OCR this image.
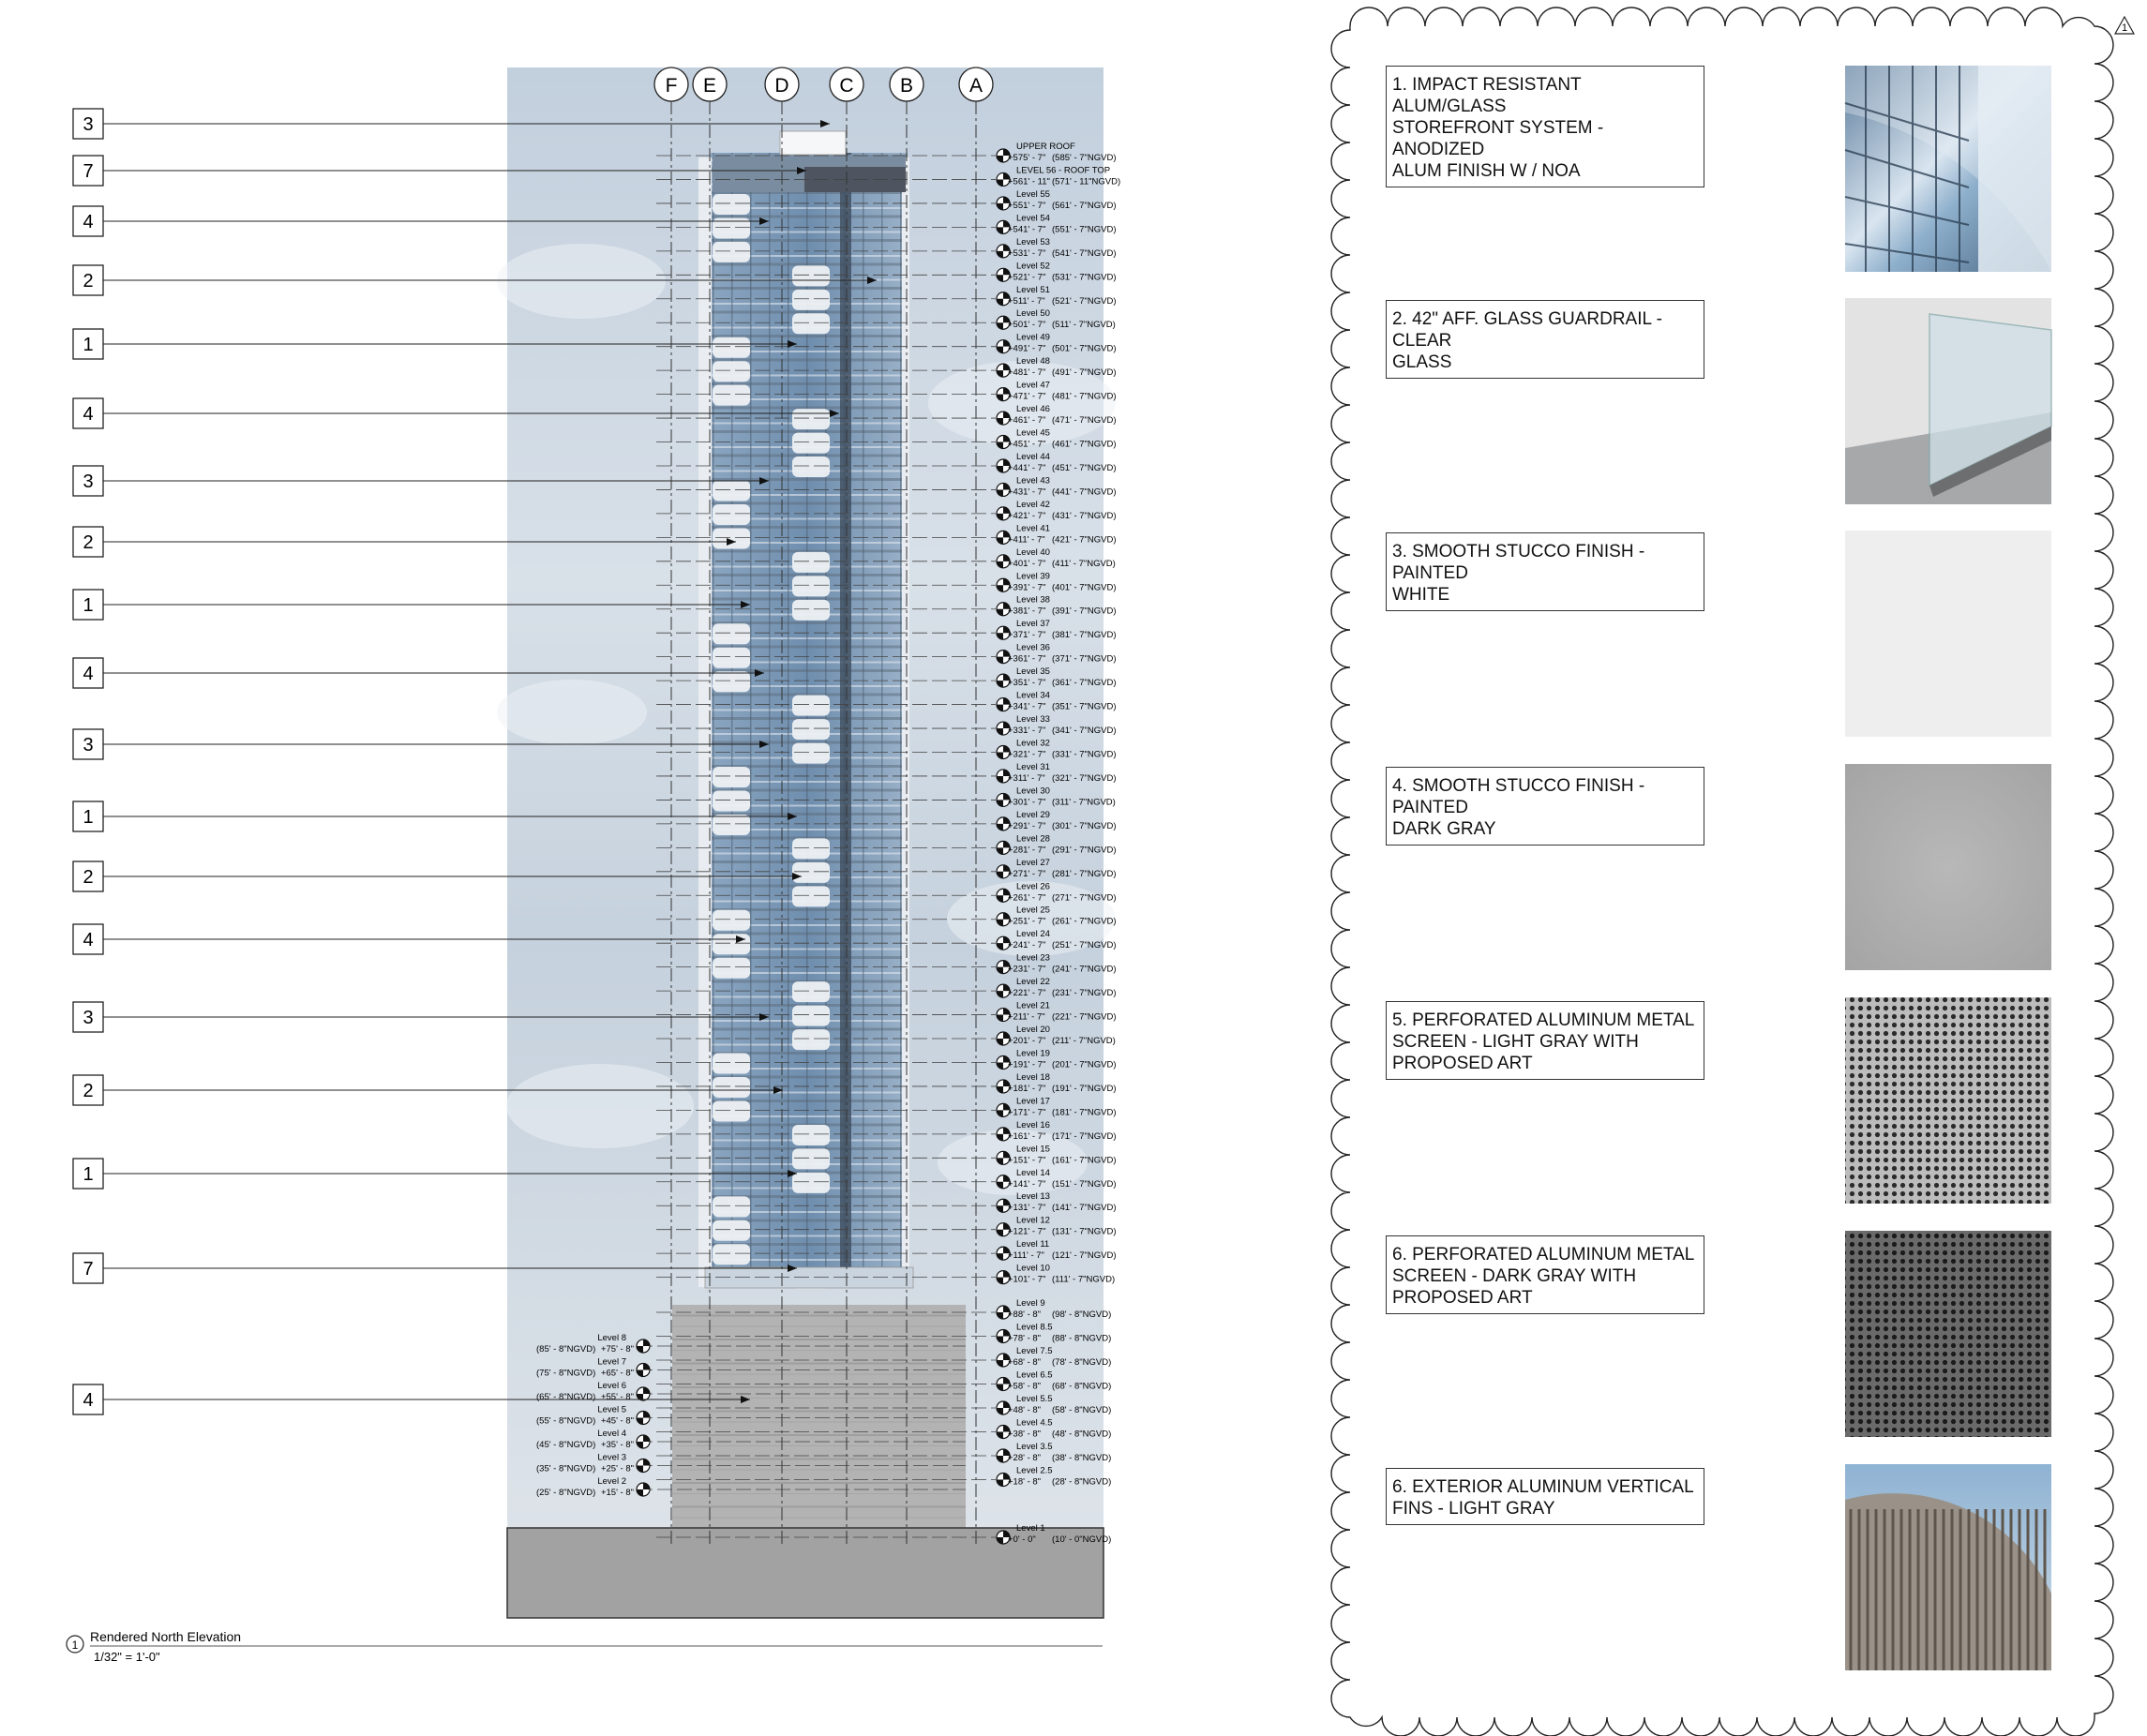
F E	D	C B	A
UPPER ROOF
+575' - 7" (585' - 7"NGVD)
LEVEL 56 - ROOF TOP
+561' - 11" (571' - 11"NGVD)
Level 55
+551' - 7" (561' - 7"NGVD)
Level 54
+541' - 7" (551' - 7"NGVD)
Level 53
+531' - 7" (541' - 7"NGVD)
Level 52
+521' - 7" (531' - 7"NGVD)
Level 51
+511' - 7" (521' - 7"NGVD)
Level 50
+501' - 7" (511' - 7"NGVD)
Level 49
+491' - 7" (501' - 7"NGVD)
Level 48
+481' - 7" (491' - 7"NGVD)
Level 47
+471' - 7" (481' - 7"NGVD)
Level 46
+461' - 7" (471' - 7"NGVD)
Level 45
+451' - 7" (461' - 7"NGVD)
Level 44
+441' - 7" (451' - 7"NGVD)
Level 43
+431' - 7" (441' - 7"NGVD)
Level 42
+421' - 7" (431' - 7"NGVD)
Level 41
+411' - 7" (421' - 7"NGVD)
Level 40
+401' - 7" (411' - 7"NGVD)
Level 39
+391' - 7" (401' - 7"NGVD)
Level 38
+381' - 7" (391' - 7"NGVD)
Level 37
+371' - 7" (381' - 7"NGVD)
Level 36
+361' - 7" (371' - 7"NGVD)
Level 35
+351' - 7" (361' - 7"NGVD)
Level 34
+341' - 7" (351' - 7"NGVD)
Level 33
+331' - 7" (341' - 7"NGVD)
Level 32
+321' - 7" (331' - 7"NGVD)
Level 31
+311' - 7" (321' - 7"NGVD)
Level 30
+301' - 7" (311' - 7"NGVD)
Level 29
+291' - 7" (301' - 7"NGVD)
Level 28
+281' - 7" (291' - 7"NGVD)
Level 27
+271' - 7" (281' - 7"NGVD)
Level 26
+261' - 7" (271' - 7"NGVD)
Level 25
+251' - 7" (261' - 7"NGVD)
Level 24
+241' - 7" (251' - 7"NGVD)
Level 23
+231' - 7" (241' - 7"NGVD)
Level 22
+221' - 7" (231' - 7"NGVD)
Level 21
+211' - 7" (221' - 7"NGVD)
Level 20
+201' - 7" (211' - 7"NGVD)
Level 19
+191' - 7" (201' - 7"NGVD)
Level 18
+181' - 7" (191' - 7"NGVD)
Level 17
+171' - 7" (181' - 7"NGVD)
Level 16
+161' - 7" (171' - 7"NGVD)
Level 15
+151' - 7" (161' - 7"NGVD)
Level 14
+141' - 7" (151' - 7"NGVD)
Level 13
+131' - 7" (141' - 7"NGVD)
Level 12
+121' - 7" (131' - 7"NGVD)
Level 11
+111' - 7" (121' - 7"NGVD)
Level 10
+101' - 7" (111' - 7"NGVD)
Level 9
+88' - 8" (98' - 8"NGVD)
Level 8.5
+78' - 8" (88' - 8"NGVD)
Level 7.5
+68' - 8" (78' - 8"NGVD)
Level 6.5
+58' - 8" (68' - 8"NGVD)
Level 5.5
+48' - 8" (58' - 8"NGVD)
Level 4.5
+38' - 8" (48' - 8"NGVD)
Level 3.5
+28' - 8" (38' - 8"NGVD)
Level 2.5
+18' - 8" (28' - 8"NGVD)
Level 1
+0' - 0" (10' - 0"NGVD)
Level 8
+75' - 8"
(85' - 8"NGVD)
Level 7
+65' - 8"
(75' - 8"NGVD)
Level 6
+55' - 8"
(65' - 8"NGVD)
Level 5
+45' - 8"
(55' - 8"NGVD)
Level 4
+35' - 8"
(45' - 8"NGVD)
Level 3
+25' - 8"
(35' - 8"NGVD)
Level 2
+15' - 8"
(25' - 8"NGVD)
3
7
4
2
1
4
3
2
1
4
3
1
2
4
3
2
1
7
4
1
Rendered North Elevation
1/32" = 1'-0"
1
1. IMPACT RESISTANT ALUM/GLASS
STOREFRONT SYSTEM - ANODIZED
ALUM FINISH W / NOA
2. 42" AFF. GLASS GUARDRAIL - CLEAR
GLASS
3. SMOOTH STUCCO FINISH - PAINTED
WHITE
4. SMOOTH STUCCO FINISH - PAINTED
DARK GRAY
5. PERFORATED ALUMINUM METAL
SCREEN - LIGHT GRAY WITH
PROPOSED ART
6. PERFORATED ALUMINUM METAL
SCREEN - DARK GRAY WITH
PROPOSED ART
6. EXTERIOR ALUMINUM VERTICAL
FINS - LIGHT GRAY
